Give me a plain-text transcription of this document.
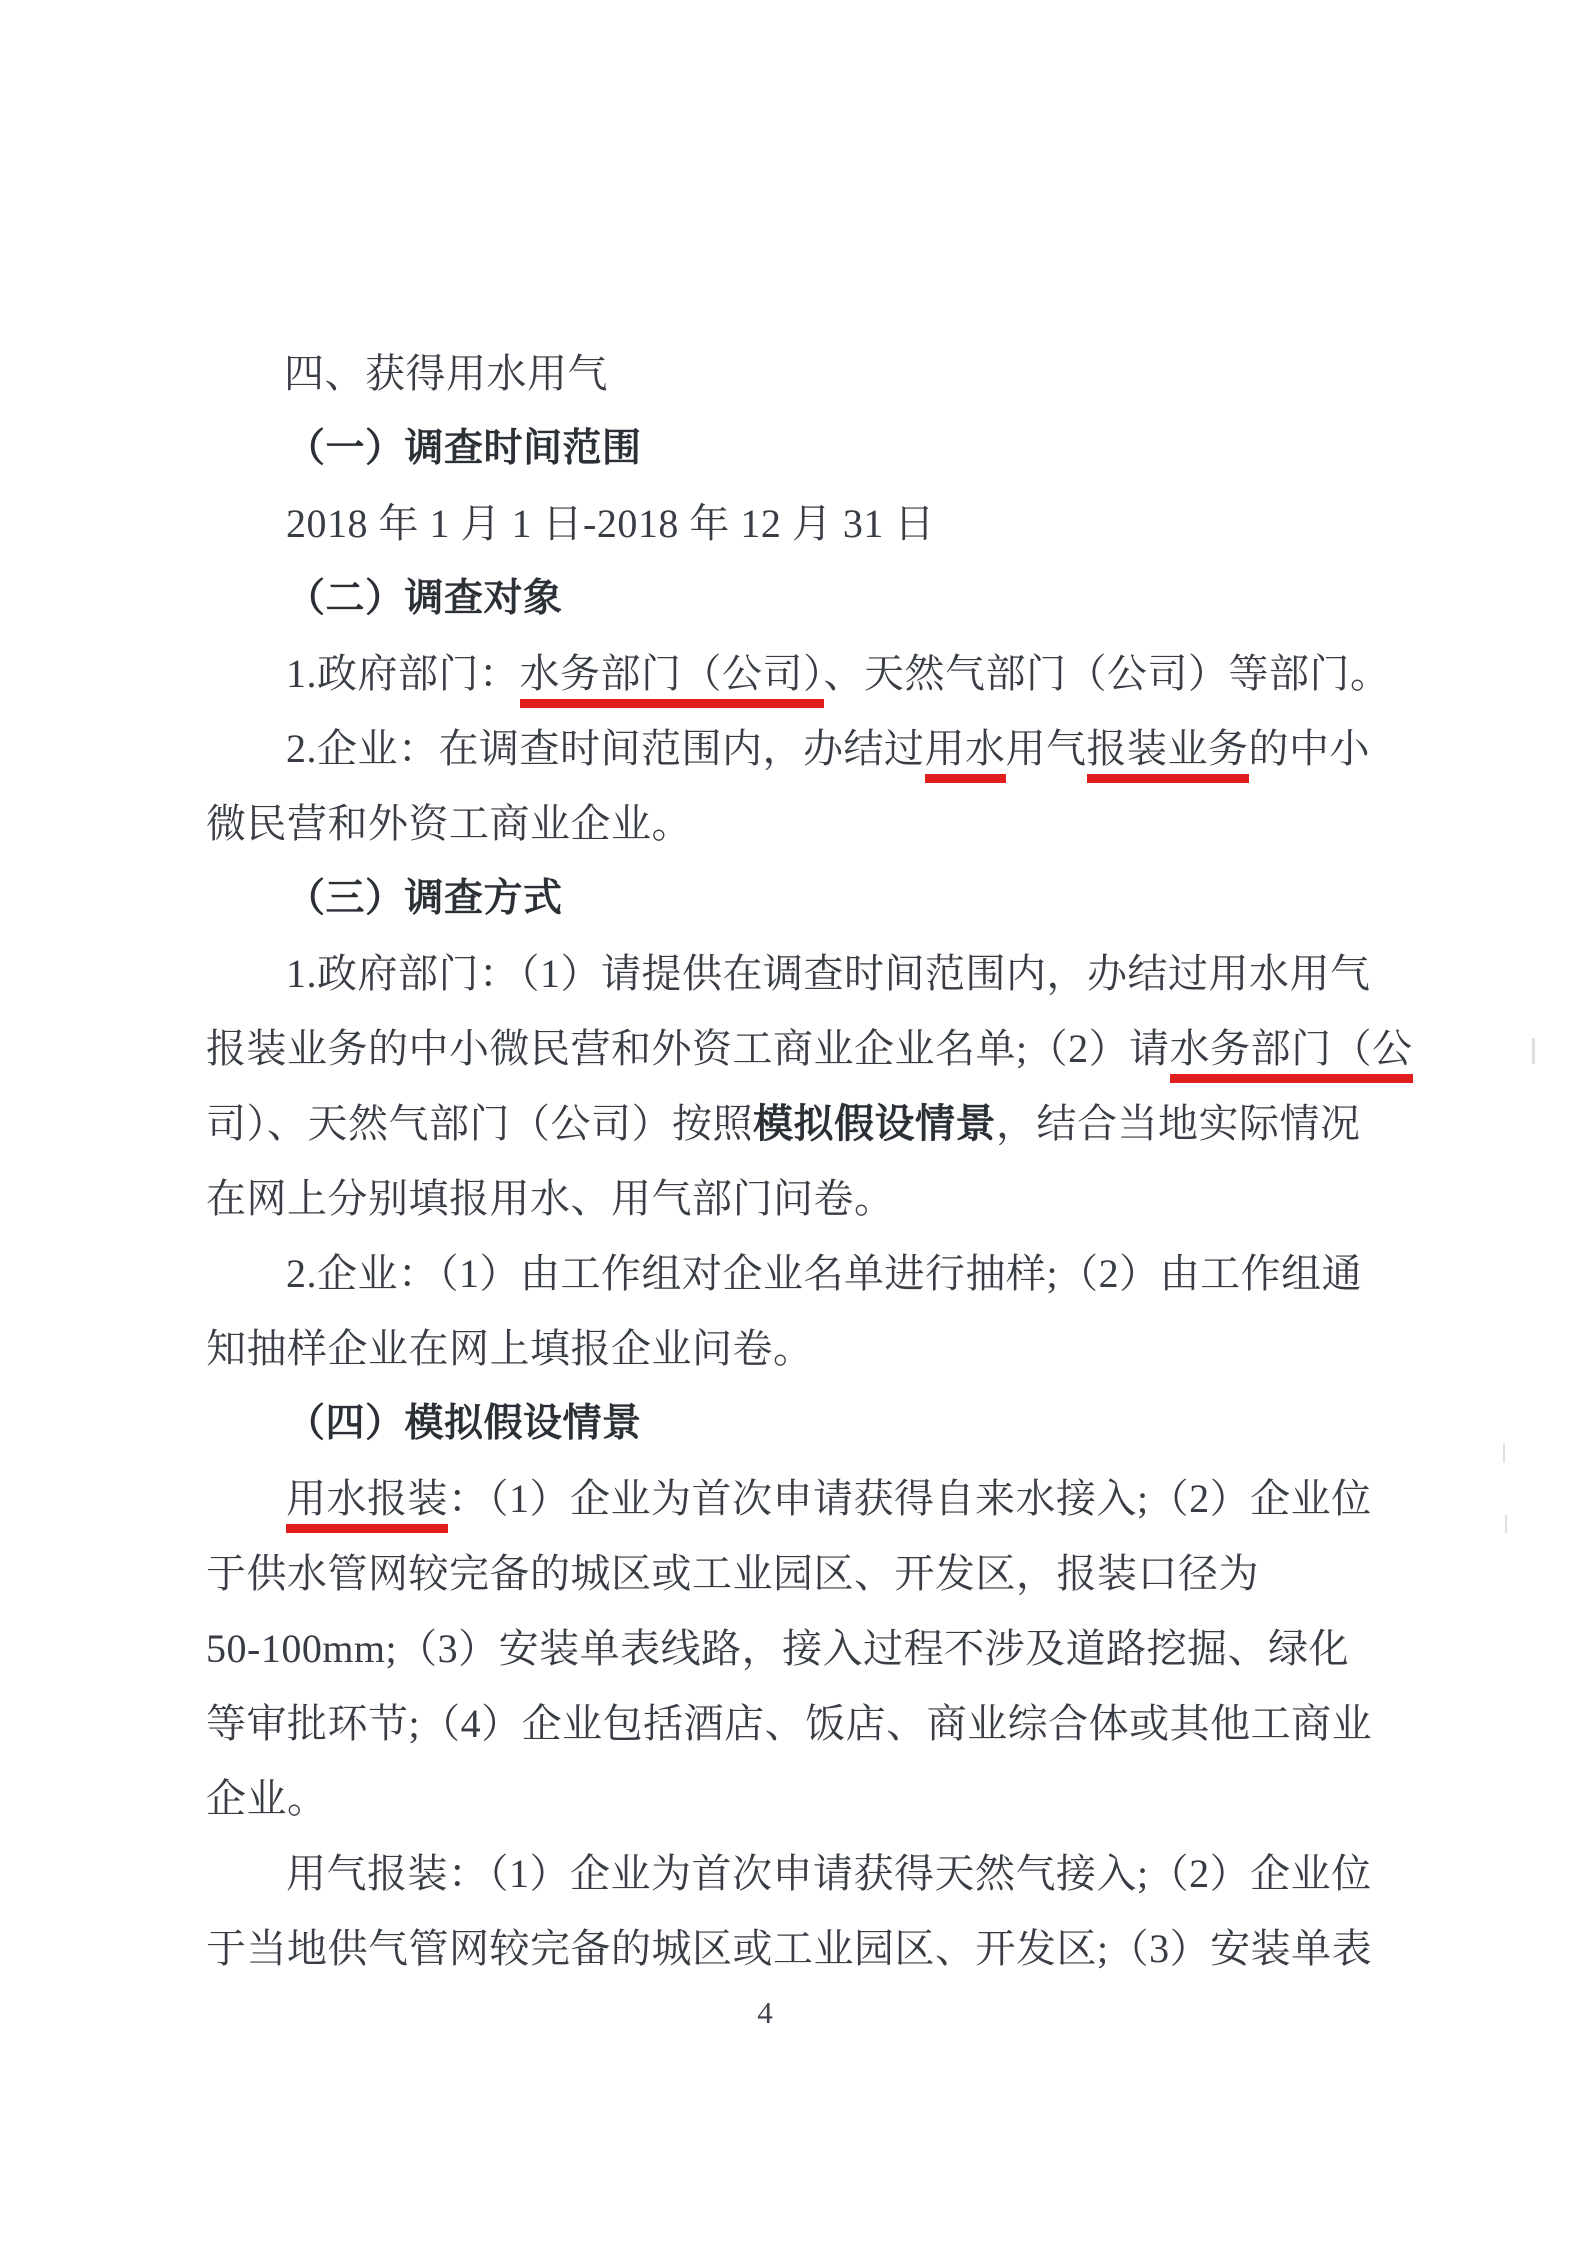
四、获得用水用气
（一）调查时间范围
2018 年 1 月 1 日-2018 年 12 月 31 日
（二）调查对象
1.政府部门：水务部门（公司）、天然气部门（公司）等部门。
2.企业：在调查时间范围内，办结过用水用气报装业务的中小
微民营和外资工商业企业。
（三）调查方式
1.政府部门：（1）请提供在调查时间范围内，办结过用水用气
报装业务的中小微民营和外资工商业企业名单;（2）请水务部门（公
司）、天然气部门（公司）按照模拟假设情景，结合当地实际情况
在网上分别填报用水、用气部门问卷。
2.企业：（1）由工作组对企业名单进行抽样;（2）由工作组通
知抽样企业在网上填报企业问卷。
（四）模拟假设情景
用水报装：（1）企业为首次申请获得自来水接入;（2）企业位
于供水管网较完备的城区或工业园区、开发区，报装口径为
50-100mm;（3）安装单表线路，接入过程不涉及道路挖掘、绿化
等审批环节;（4）企业包括酒店、饭店、商业综合体或其他工商业
企业。
用气报装：（1）企业为首次申请获得天然气接入;（2）企业位
于当地供气管网较完备的城区或工业园区、开发区;（3）安装单表
4
